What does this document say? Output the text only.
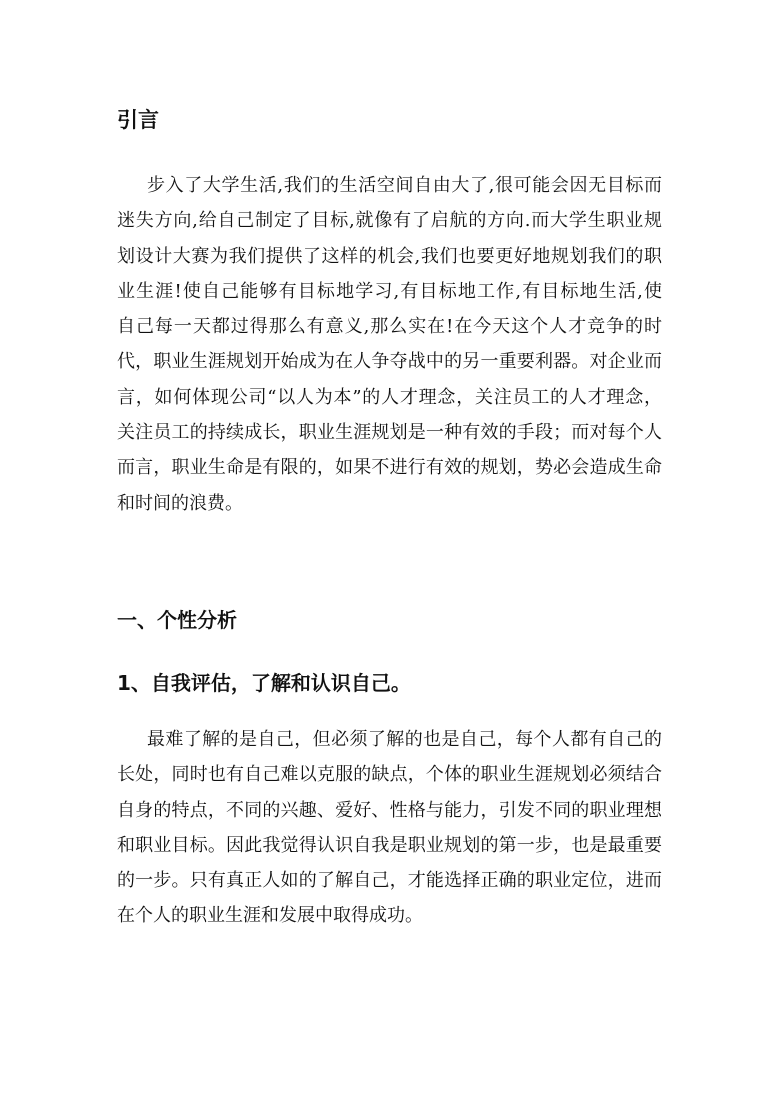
引言
步入了大学生活,我们的生活空间自由大了,很可能会因无目标而
迷失方向,给自己制定了目标,就像有了启航的方向.而大学生职业规
划设计大赛为我们提供了这样的机会,我们也要更好地规划我们的职
业生涯!使自己能够有目标地学习,有目标地工作,有目标地生活,使
自己每一天都过得那么有意义,那么实在!在今天这个人才竞争的时
代，职业生涯规划开始成为在人争夺战中的另一重要利器。对企业而
言，如何体现公司“以人为本”的人才理念，关注员工的人才理念，
关注员工的持续成长，职业生涯规划是一种有效的手段；而对每个人
而言，职业生命是有限的，如果不进行有效的规划，势必会造成生命
和时间的浪费。
一、个性分析
1、自我评估，了解和认识自己。
最难了解的是自己，但必须了解的也是自己，每个人都有自己的
长处，同时也有自己难以克服的缺点，个体的职业生涯规划必须结合
自身的特点，不同的兴趣、爱好、性格与能力，引发不同的职业理想
和职业目标。因此我觉得认识自我是职业规划的第一步，也是最重要
的一步。只有真正人如的了解自己，才能选择正确的职业定位，进而
在个人的职业生涯和发展中取得成功。
